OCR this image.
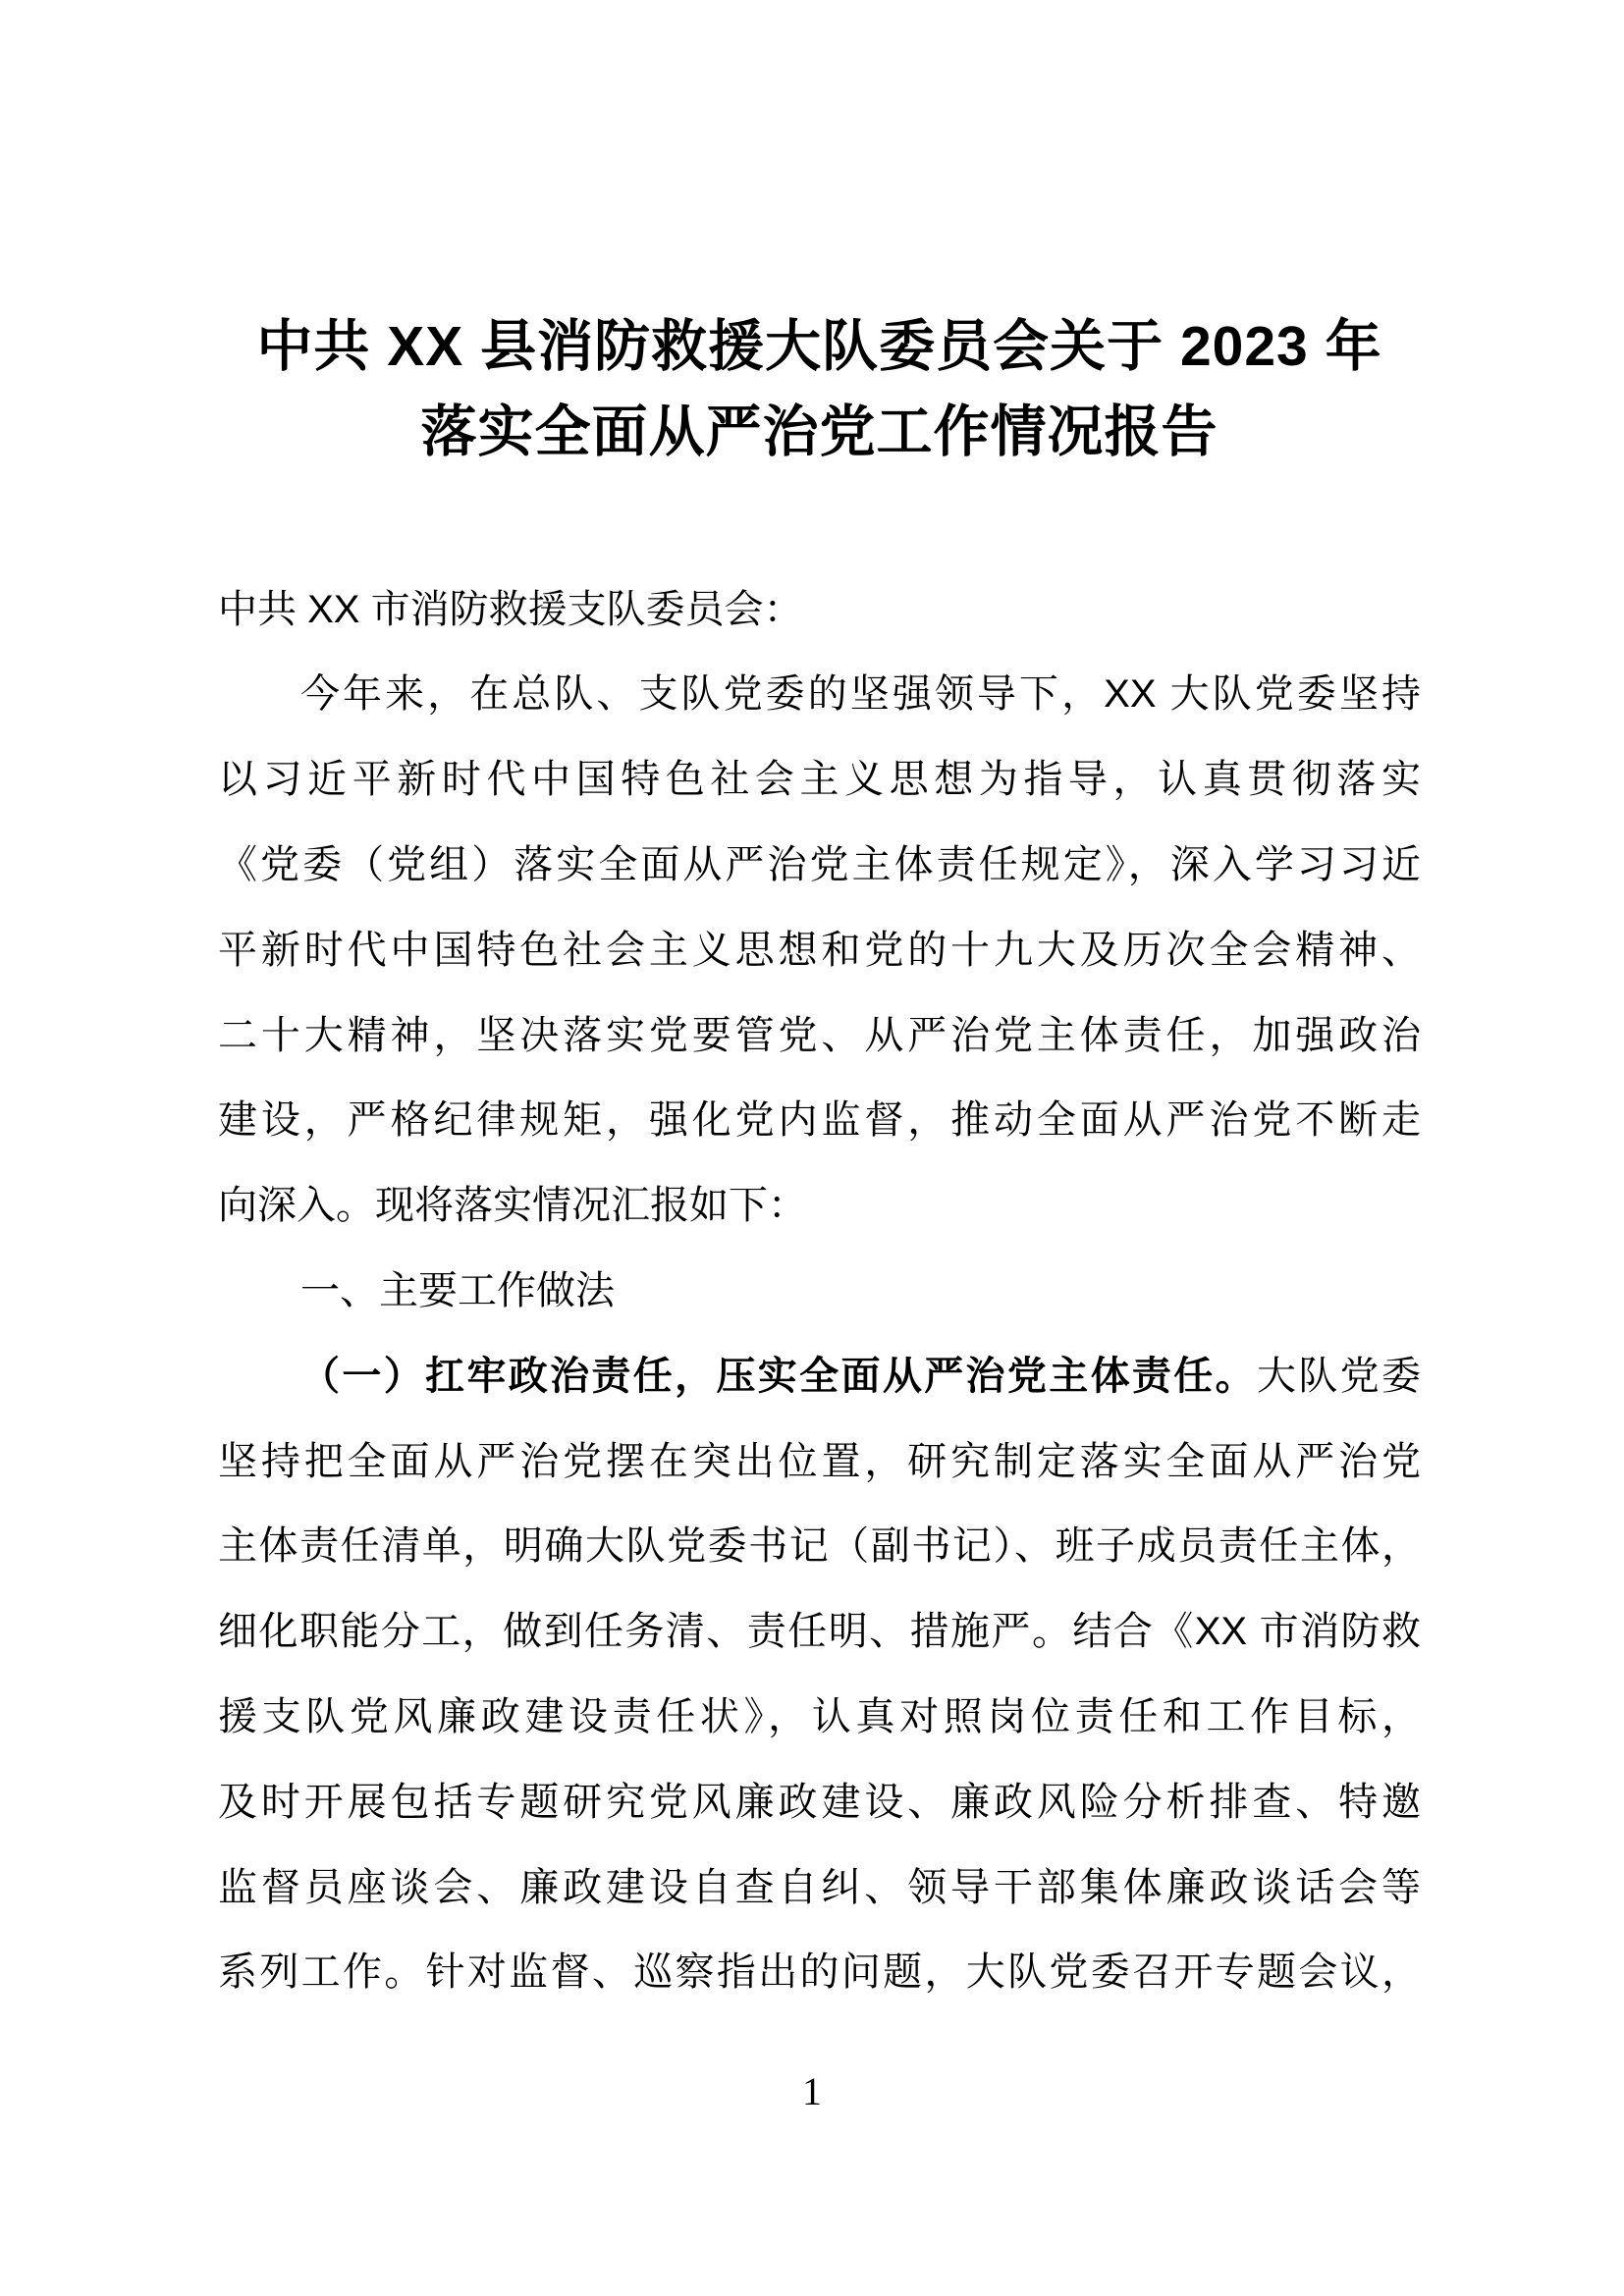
中共 XX 县消防救援大队委员会关于 2023 年
落实全面从严治党工作情况报告
中共 XX 市消防救援支队委员会：
今年来，在总队、支队党委的坚强领导下，XX 大队党委坚持
以习近平新时代中国特色社会主义思想为指导，认真贯彻落实
《党委（党组）落实全面从严治党主体责任规定》，深入学习习近
平新时代中国特色社会主义思想和党的十九大及历次全会精神、
二十大精神，坚决落实党要管党、从严治党主体责任，加强政治
建设，严格纪律规矩，强化党内监督，推动全面从严治党不断走
向深入。现将落实情况汇报如下：
一、主要工作做法
（一）扛牢政治责任，压实全面从严治党主体责任。大队党委
坚持把全面从严治党摆在突出位置，研究制定落实全面从严治党
主体责任清单，明确大队党委书记（副书记）、班子成员责任主体，
细化职能分工，做到任务清、责任明、措施严。结合《XX 市消防救
援支队党风廉政建设责任状》，认真对照岗位责任和工作目标，
及时开展包括专题研究党风廉政建设、廉政风险分析排查、特邀
监督员座谈会、廉政建设自查自纠、领导干部集体廉政谈话会等
系列工作。针对监督、巡察指出的问题，大队党委召开专题会议，
1
